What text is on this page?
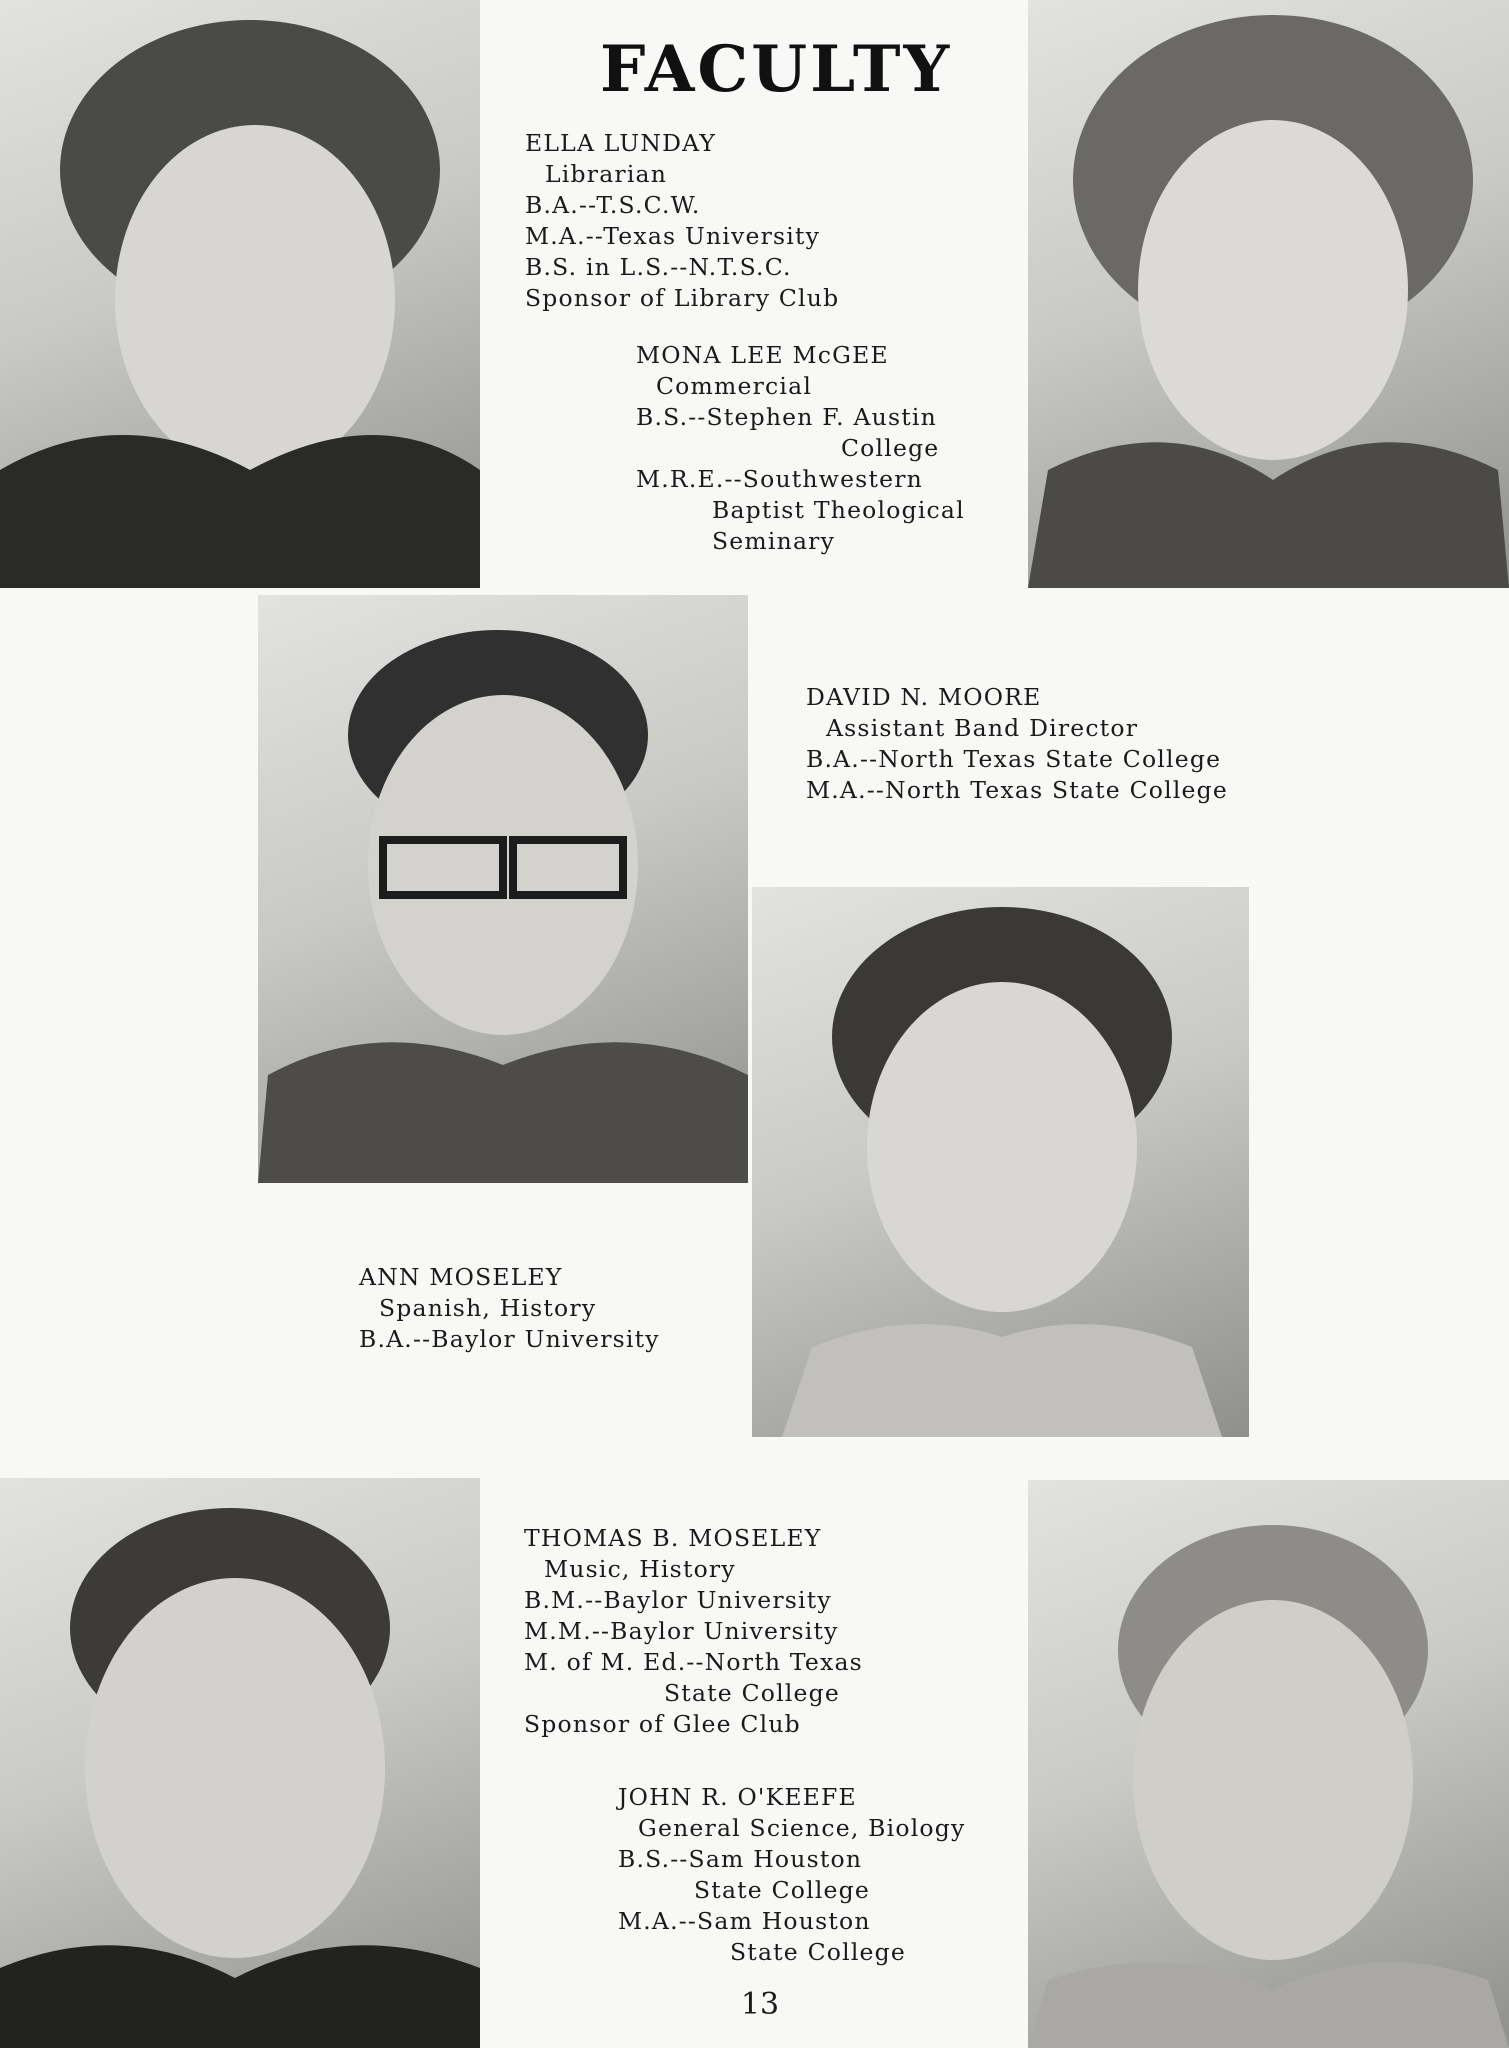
FACULTY
ELLA LUNDAY
Librarian
B.A.--T.S.C.W.
M.A.--Texas University
B.S. in L.S.--N.T.S.C.
Sponsor of Library Club
MONA LEE McGEE
Commercial
B.S.--Stephen F. Austin
College
M.R.E.--Southwestern
Baptist Theological
Seminary
DAVID N. MOORE
Assistant Band Director
B.A.--North Texas State College
M.A.--North Texas State College
ANN MOSELEY
Spanish, History
B.A.--Baylor University
THOMAS B. MOSELEY
Music, History
B.M.--Baylor University
M.M.--Baylor University
M. of M. Ed.--North Texas
State College
Sponsor of Glee Club
JOHN R. O'KEEFE
General Science, Biology
B.S.--Sam Houston
State College
M.A.--Sam Houston
State College
13
